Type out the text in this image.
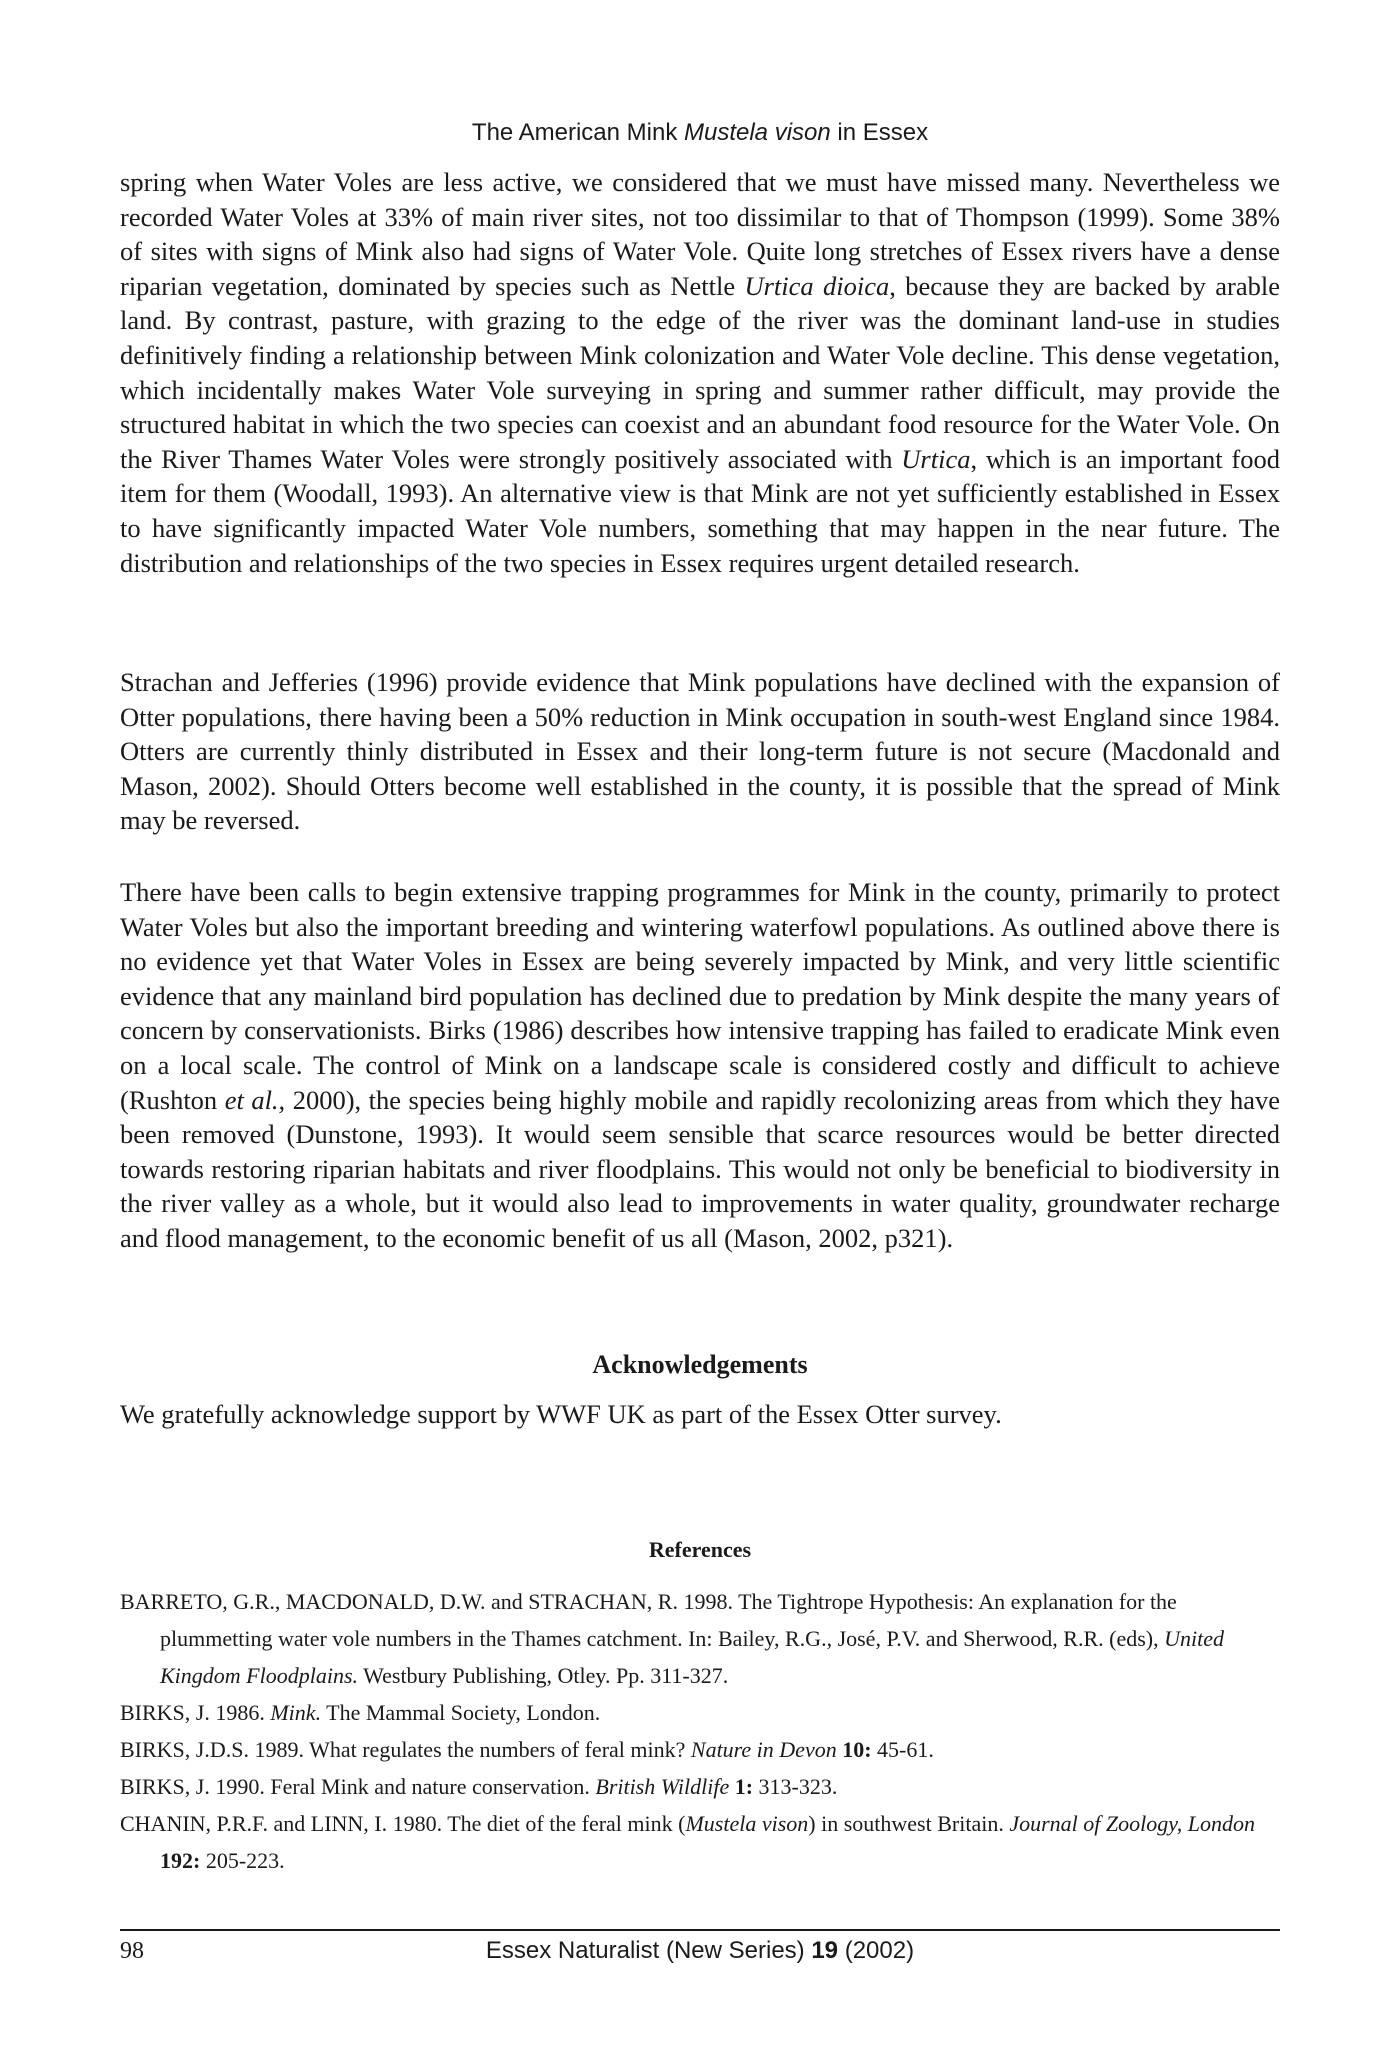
The American Mink Mustela vison in Essex

spring when Water Voles are less active, we considered that we must have missed many. Nevertheless we recorded Water Voles at 33% of main river sites, not too dissimilar to that of Thompson (1999). Some 38% of sites with signs of Mink also had signs of Water Vole. Quite long stretches of Essex rivers have a dense riparian vegetation, dominated by species such as Nettle Urtica dioica, because they are backed by arable land. By contrast, pasture, with grazing to the edge of the river was the dominant land-use in studies definitively finding a relationship between Mink colonization and Water Vole decline. This dense vegetation, which incidentally makes Water Vole surveying in spring and summer rather difficult, may provide the structured habitat in which the two species can coexist and an abundant food resource for the Water Vole. On the River Thames Water Voles were strongly positively associated with Urtica, which is an important food item for them (Woodall, 1993). An alternative view is that Mink are not yet sufficiently established in Essex to have significantly impacted Water Vole numbers, something that may happen in the near future. The distribution and relationships of the two species in Essex requires urgent detailed research.

Strachan and Jefferies (1996) provide evidence that Mink populations have declined with the expansion of Otter populations, there having been a 50% reduction in Mink occupation in south-west England since 1984. Otters are currently thinly distributed in Essex and their long-term future is not secure (Macdonald and Mason, 2002). Should Otters become well established in the county, it is possible that the spread of Mink may be reversed.

There have been calls to begin extensive trapping programmes for Mink in the county, primarily to protect Water Voles but also the important breeding and wintering waterfowl populations. As outlined above there is no evidence yet that Water Voles in Essex are being severely impacted by Mink, and very little scientific evidence that any mainland bird population has declined due to predation by Mink despite the many years of concern by conservationists. Birks (1986) describes how intensive trapping has failed to eradicate Mink even on a local scale. The control of Mink on a landscape scale is considered costly and difficult to achieve (Rushton et al., 2000), the species being highly mobile and rapidly recolonizing areas from which they have been removed (Dunstone, 1993). It would seem sensible that scarce resources would be better directed towards restoring riparian habitats and river floodplains. This would not only be beneficial to biodiversity in the river valley as a whole, but it would also lead to improvements in water quality, groundwater recharge and flood management, to the economic benefit of us all (Mason, 2002, p321).

Acknowledgements

We gratefully acknowledge support by WWF UK as part of the Essex Otter survey.

References
BARRETO, G.R., MACDONALD, D.W. and STRACHAN, R. 1998. The Tightrope Hypothesis: An explanation for the plummetting water vole numbers in the Thames catchment. In: Bailey, R.G., José, P.V. and Sherwood, R.R. (eds), United Kingdom Floodplains. Westbury Publishing, Otley. Pp. 311-327.
BIRKS, J. 1986. Mink. The Mammal Society, London.
BIRKS, J.D.S. 1989. What regulates the numbers of feral mink? Nature in Devon 10: 45-61.
BIRKS, J. 1990. Feral Mink and nature conservation. British Wildlife 1: 313-323.
CHANIN, P.R.F. and LINN, I. 1980. The diet of the feral mink (Mustela vison) in southwest Britain. Journal of Zoology, London 192: 205-223.
98	Essex Naturalist (New Series) 19 (2002)
